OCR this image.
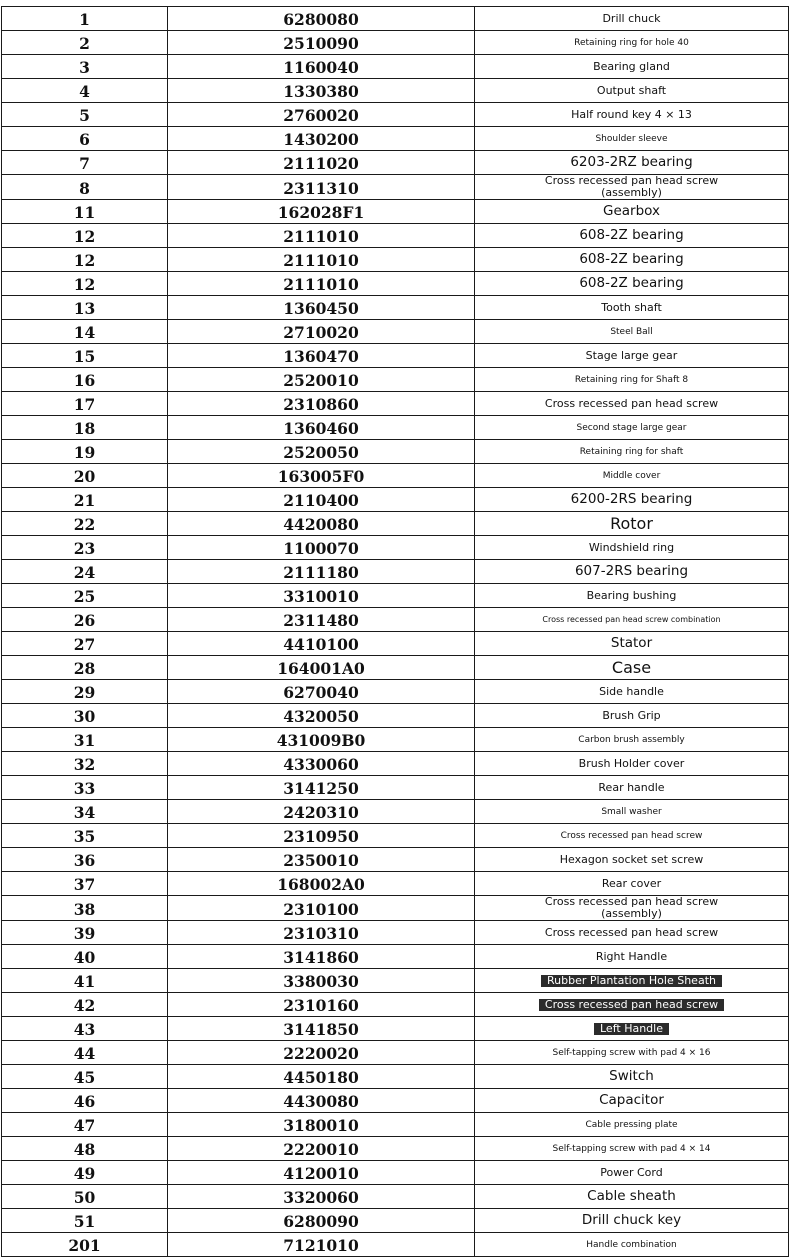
1	6280080	Drill chuck
2	2510090	Retaining ring for hole 40
3	1160040	Bearing gland
4	1330380	Output shaft
5	2760020	Half round key 4 × 13
6	1430200	Shoulder sleeve
7	2111020	6203-2RZ bearing
8	2311310	Cross recessed pan head screw (assembly)
11	162028F1	Gearbox
12	2111010	608-2Z bearing
12	2111010	608-2Z bearing
12	2111010	608-2Z bearing
13	1360450	Tooth shaft
14	2710020	Steel Ball
15	1360470	Stage large gear
16	2520010	Retaining ring for Shaft 8
17	2310860	Cross recessed pan head screw
18	1360460	Second stage large gear
19	2520050	Retaining ring for shaft
20	163005F0	Middle cover
21	2110400	6200-2RS bearing
22	4420080	Rotor
23	1100070	Windshield ring
24	2111180	607-2RS bearing
25	3310010	Bearing bushing
26	2311480	Cross recessed pan head screw combination
27	4410100	Stator
28	164001A0	Case
29	6270040	Side handle
30	4320050	Brush Grip
31	431009B0	Carbon brush assembly
32	4330060	Brush Holder cover
33	3141250	Rear handle
34	2420310	Small washer
35	2310950	Cross recessed pan head screw
36	2350010	Hexagon socket set screw
37	168002A0	Rear cover
38	2310100	Cross recessed pan head screw (assembly)
39	2310310	Cross recessed pan head screw
40	3141860	Right Handle
41	3380030	Rubber Plantation Hole Sheath
42	2310160	Cross recessed pan head screw
43	3141850	Left Handle
44	2220020	Self-tapping screw with pad 4 × 16
45	4450180	Switch
46	4430080	Capacitor
47	3180010	Cable pressing plate
48	2220010	Self-tapping screw with pad 4 × 14
49	4120010	Power Cord
50	3320060	Cable sheath
51	6280090	Drill chuck key
201	7121010	Handle combination
